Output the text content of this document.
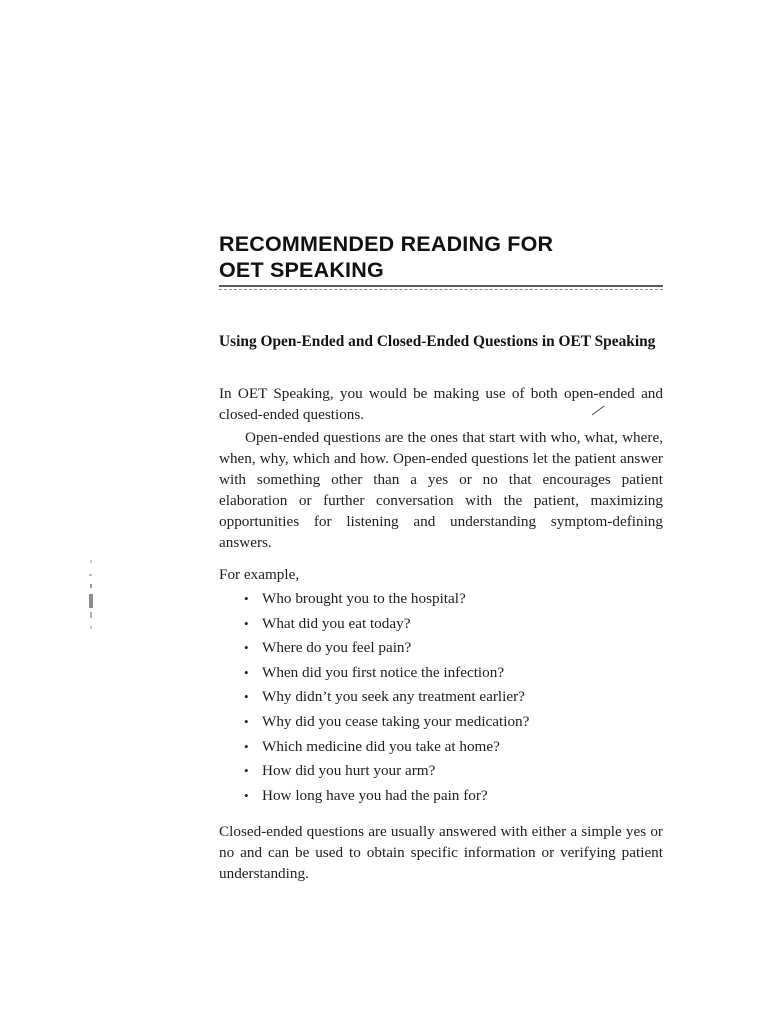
RECOMMENDED READING FOR
OET SPEAKING
Using Open-Ended and Closed-Ended Questions in OET Speaking

In OET Speaking, you would be making use of both open-ended and closed-ended questions.

Open-ended questions are the ones that start with who, what, where, when, why, which and how. Open-ended questions let the patient answer with something other than a yes or no that encourages patient elaboration or further conversation with the patient, maximizing opportunities for listening and understanding symptom-defining answers.

For example,

• Who brought you to the hospital?
• What did you eat today?
• Where do you feel pain?
• When did you first notice the infection?
• Why didn’t you seek any treatment earlier?
• Why did you cease taking your medication?
• Which medicine did you take at home?
• How did you hurt your arm?
• How long have you had the pain for?

Closed-ended questions are usually answered with either a simple yes or no and can be used to obtain specific information or verifying patient understanding.
